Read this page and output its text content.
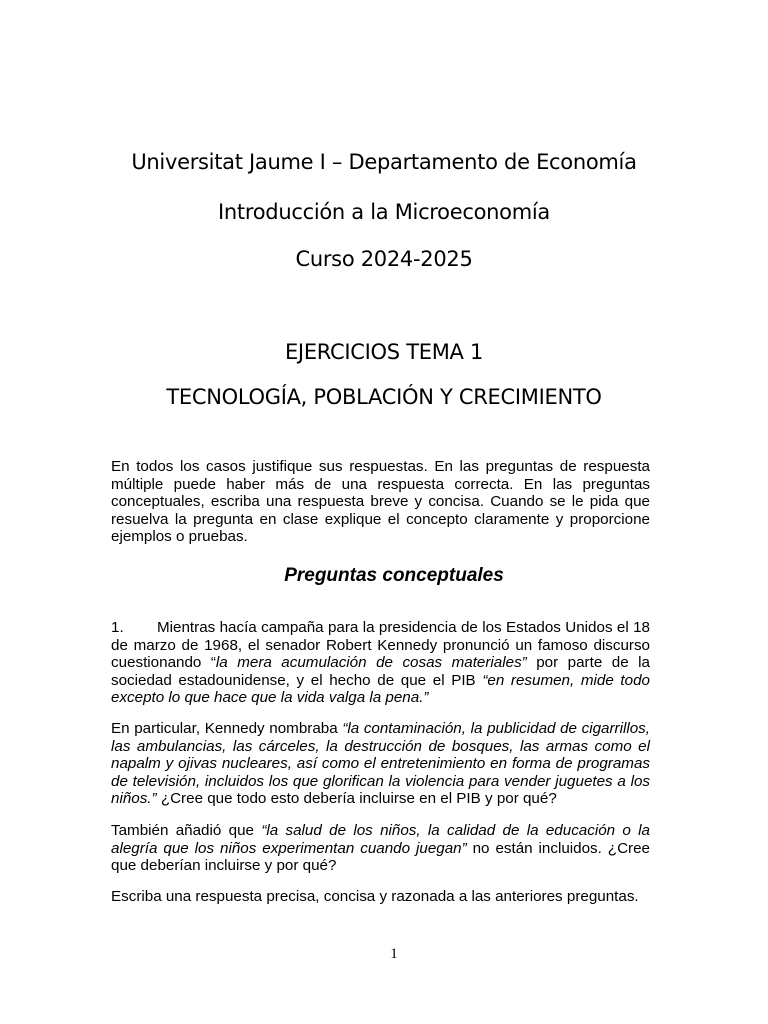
Universitat Jaume I – Departamento de Economía
Introducción a la Microeconomía
Curso 2024-2025
EJERCICIOS TEMA 1
TECNOLOGÍA, POBLACIÓN Y CRECIMIENTO

En todos los casos justifique sus respuestas. En las preguntas de respuesta múltiple puede haber más de una respuesta correcta. En las preguntas conceptuales, escriba una respuesta breve y concisa. Cuando se le pida que resuelva la pregunta en clase explique el concepto claramente y proporcione ejemplos o pruebas.

Preguntas conceptuales

1. Mientras hacía campaña para la presidencia de los Estados Unidos el 18 de marzo de 1968, el senador Robert Kennedy pronunció un famoso discurso cuestionando “la mera acumulación de cosas materiales” por parte de la sociedad estadounidense, y el hecho de que el PIB “en resumen, mide todo excepto lo que hace que la vida valga la pena.”

En particular, Kennedy nombraba “la contaminación, la publicidad de cigarrillos, las ambulancias, las cárceles, la destrucción de bosques, las armas como el napalm y ojivas nucleares, así como el entretenimiento en forma de programas de televisión, incluidos los que glorifican la violencia para vender juguetes a los niños.” ¿Cree que todo esto debería incluirse en el PIB y por qué?

También añadió que “la salud de los niños, la calidad de la educación o la alegría que los niños experimentan cuando juegan” no están incluidos. ¿Cree que deberían incluirse y por qué?

Escriba una respuesta precisa, concisa y razonada a las anteriores preguntas.

1
